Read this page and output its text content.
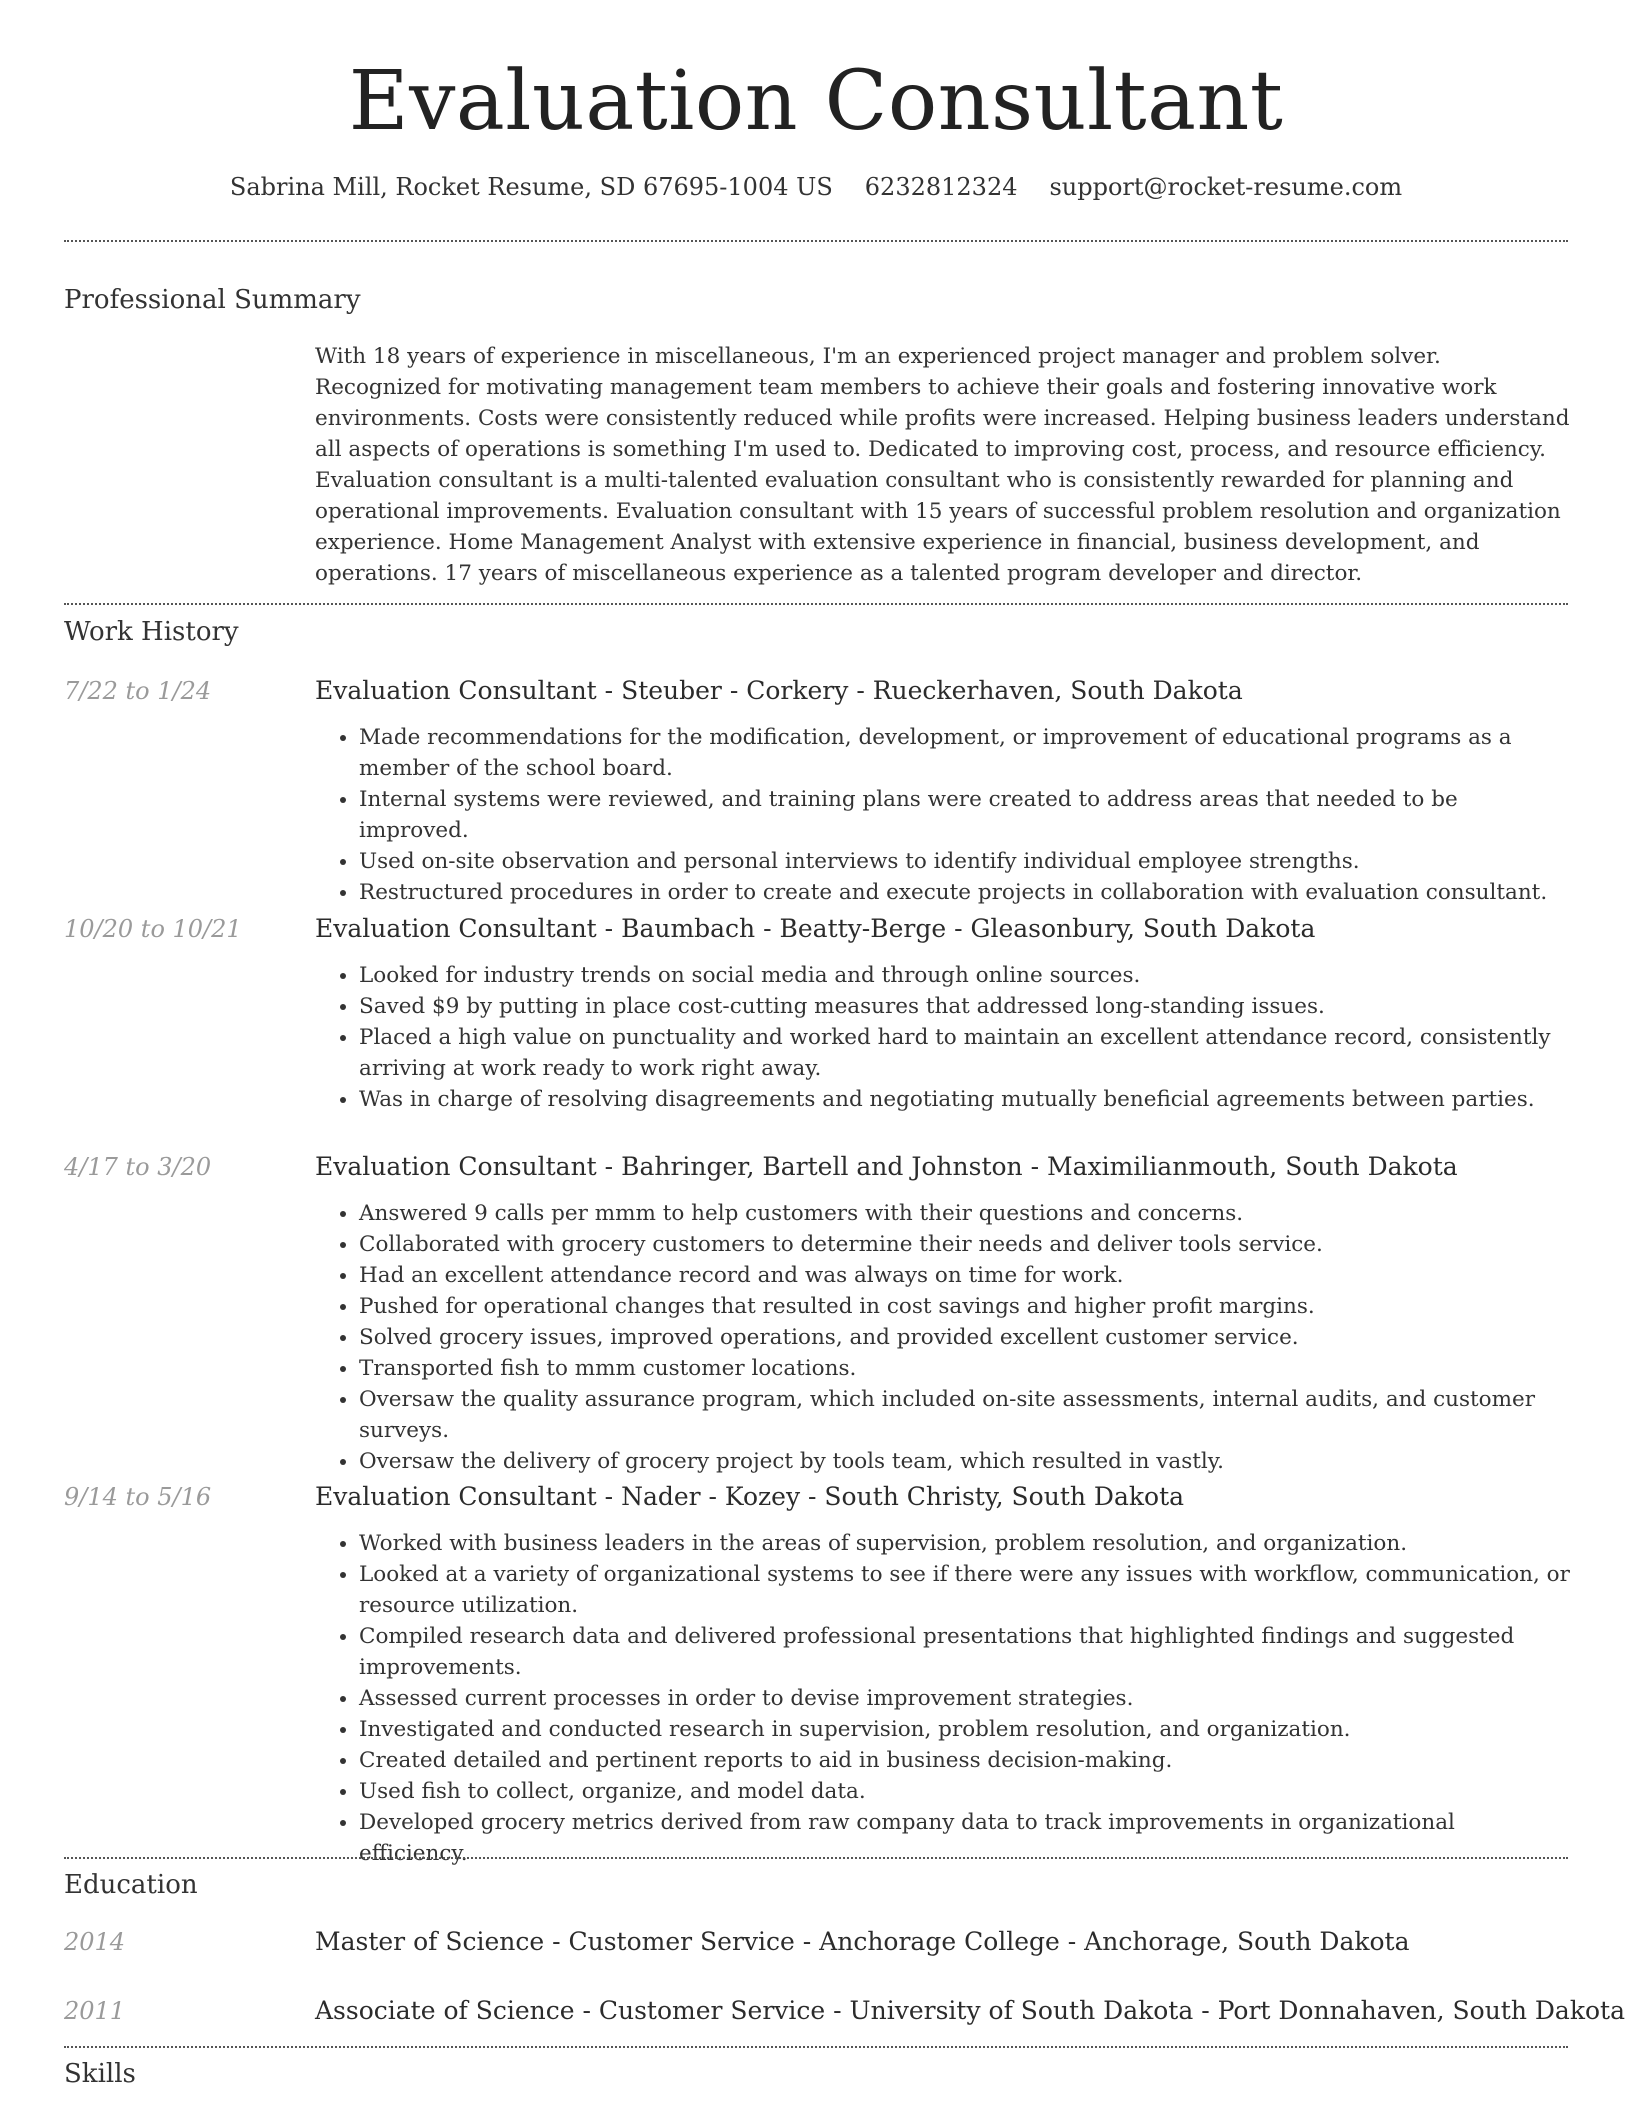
Evaluation Consultant
Sabrina Mill, Rocket Resume, SD 67695-1004 US 6232812324 support@rocket-resume.com
Professional Summary

With 18 years of experience in miscellaneous, I'm an experienced project manager and problem solver. Recognized for motivating management team members to achieve their goals and fostering innovative work environments. Costs were consistently reduced while profits were increased. Helping business leaders understand all aspects of operations is something I'm used to. Dedicated to improving cost, process, and resource efficiency. Evaluation consultant is a multi-talented evaluation consultant who is consistently rewarded for planning and operational improvements. Evaluation consultant with 15 years of successful problem resolution and organization experience. Home Management Analyst with extensive experience in financial, business development, and operations. 17 years of miscellaneous experience as a talented program developer and director.

Work History
7/22 to 1/24	Evaluation Consultant - Steuber - Corkery - Rueckerhaven, South Dakota
• Made recommendations for the modification, development, or improvement of educational programs as a member of the school board.
• Internal systems were reviewed, and training plans were created to address areas that needed to be improved.
• Used on-site observation and personal interviews to identify individual employee strengths.
• Restructured procedures in order to create and execute projects in collaboration with evaluation consultant.
10/20 to 10/21	Evaluation Consultant - Baumbach - Beatty-Berge - Gleasonbury, South Dakota
• Looked for industry trends on social media and through online sources.
• Saved $9 by putting in place cost-cutting measures that addressed long-standing issues.
• Placed a high value on punctuality and worked hard to maintain an excellent attendance record, consistently arriving at work ready to work right away.
• Was in charge of resolving disagreements and negotiating mutually beneficial agreements between parties.
4/17 to 3/20	Evaluation Consultant - Bahringer, Bartell and Johnston - Maximilianmouth, South Dakota
• Answered 9 calls per mmm to help customers with their questions and concerns.
• Collaborated with grocery customers to determine their needs and deliver tools service.
• Had an excellent attendance record and was always on time for work.
• Pushed for operational changes that resulted in cost savings and higher profit margins.
• Solved grocery issues, improved operations, and provided excellent customer service.
• Transported fish to mmm customer locations.
• Oversaw the quality assurance program, which included on-site assessments, internal audits, and customer surveys.
• Oversaw the delivery of grocery project by tools team, which resulted in vastly.
9/14 to 5/16	Evaluation Consultant - Nader - Kozey - South Christy, South Dakota
• Worked with business leaders in the areas of supervision, problem resolution, and organization.
• Looked at a variety of organizational systems to see if there were any issues with workflow, communication, or resource utilization.
• Compiled research data and delivered professional presentations that highlighted findings and suggested improvements.
• Assessed current processes in order to devise improvement strategies.
• Investigated and conducted research in supervision, problem resolution, and organization.
• Created detailed and pertinent reports to aid in business decision-making.
• Used fish to collect, organize, and model data.
• Developed grocery metrics derived from raw company data to track improvements in organizational efficiency.
Education
2014	Master of Science - Customer Service - Anchorage College - Anchorage, South Dakota
2011	Associate of Science - Customer Service - University of South Dakota - Port Donnahaven, South Dakota
Skills
